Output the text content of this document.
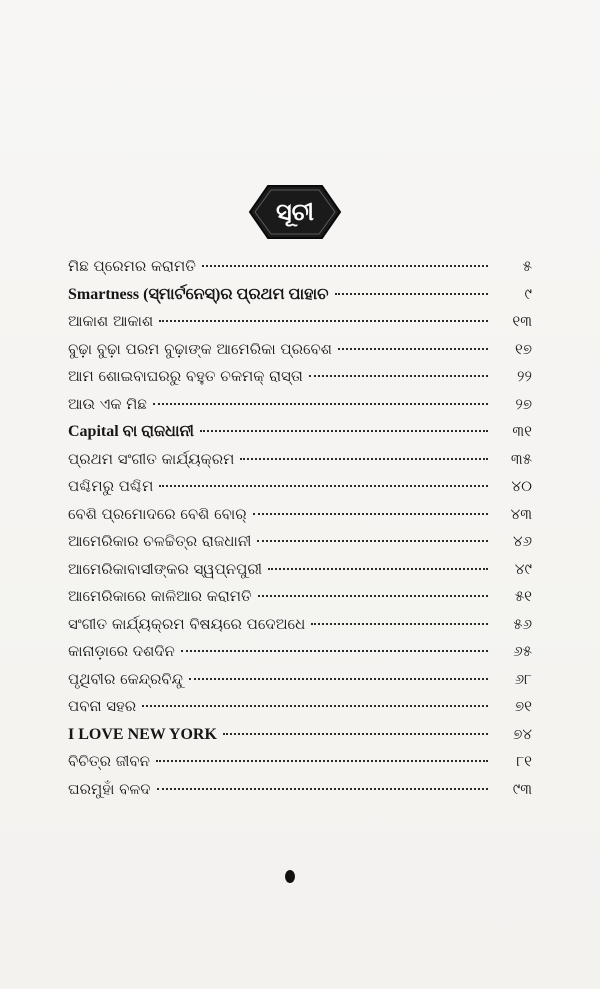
ସୂଚୀ
ମିଛ ପ୍ରେମର କରାମତି	୫
Smartness (ସ୍ମାର୍ଟନେସ୍)ର ପ୍ରଥମ ପାହାଚ	୯
ଆକାଶ ଆକାଶ	୧୩
ବୁଢ଼ା ବୁଢ଼ା ପରମ ବୁଢ଼ାଙ୍କ ଆମେରିକା ପ୍ରବେଶ	୧୭
ଆମ ଶୋଇବାଘରରୁ ବହୁତ ଚକମକ୍ ରାସ୍ତା	୨୨
ଆଉ ଏକ ମିଛ	୨୭
Capital ବା ରାଜଧାନୀ	୩୧
ପ୍ରଥମ ସଂଗୀତ କାର୍ଯ୍ୟକ୍ରମ	୩୫
ପଶ୍ଚିମରୁ ପଶ୍ଚିମ	୪୦
ବେଶି ପ୍ରମୋଦରେ ବେଶି ବୋର୍	୪୩
ଆମେରିକାର ଚଳଚ୍ଚିତ୍ର ରାଜଧାନୀ	୪୬
ଆମେରିକାବାସୀଙ୍କର ସ୍ୱପ୍ନପୁରୀ	୪୯
ଆମେରିକାରେ କାଳିଆର କରାମତି	୫୧
ସଂଗୀତ କାର୍ଯ୍ୟକ୍ରମ ବିଷୟରେ ପଦେଅଧେ	୫୬
କାନାଡ଼ାରେ ଦଶଦିନ	୬୫
ପୃଥିବୀର କେନ୍ଦ୍ରବିନ୍ଦୁ	୬୮
ପବନା ସହର	୭୧
I LOVE NEW YORK	୭୪
ବିଚିତ୍ର ଜୀବନ	୮୧
ଘରମୁହାଁ ବଳଦ	୯୩
